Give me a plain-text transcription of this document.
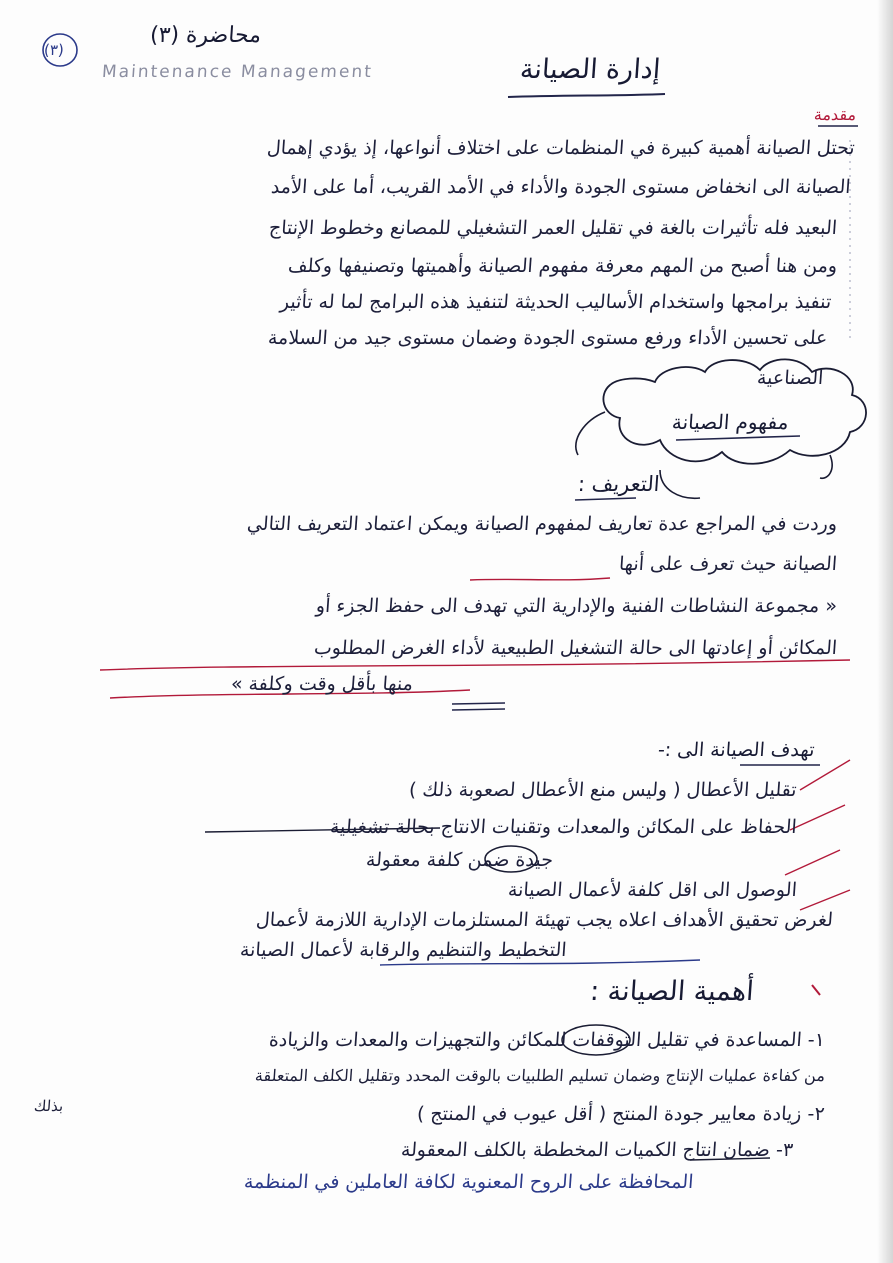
(٣)
محاضرة (٣)
Maintenance Management	إدارة الصيانة
مقدمة
تحتل الصيانة أهمية كبيرة في المنظمات على اختلاف أنواعها، إذ يؤدي إهمال
الصيانة الى انخفاض مستوى الجودة والأداء في الأمد القريب، أما على الأمد
البعيد فله تأثيرات بالغة في تقليل العمر التشغيلي للمصانع وخطوط الإنتاج
ومن هنا أصبح من المهم معرفة مفهوم الصيانة وأهميتها وتصنيفها وكلف
تنفيذ برامجها واستخدام الأساليب الحديثة لتنفيذ هذه البرامج لما له تأثير
على تحسين الأداء ورفع مستوى الجودة وضمان مستوى جيد من السلامة
الصناعية
مفهوم الصيانة
التعريف :
وردت في المراجع عدة تعاريف لمفهوم الصيانة ويمكن اعتماد التعريف التالي
الصيانة حيث تعرف على أنها
« مجموعة النشاطات الفنية والإدارية التي تهدف الى حفظ الجزء أو
المكائن أو إعادتها الى حالة التشغيل الطبيعية لأداء الغرض المطلوب
منها بأقل وقت وكلفة »
تهدف الصيانة الى :-
تقليل الأعطال ( وليس منع الأعطال لصعوبة ذلك )
الحفاظ على المكائن والمعدات وتقنيات الانتاج بحالة تشغيلية
جيدة ضمن كلفة معقولة
الوصول الى اقل كلفة لأعمال الصيانة
لغرض تحقيق الأهداف اعلاه يجب تهيئة المستلزمات الإدارية اللازمة لأعمال
التخطيط والتنظيم والرقابة لأعمال الصيانة
أهمية الصيانة :
١- المساعدة في تقليل التوقفات للمكائن والتجهيزات والمعدات والزيادة
من كفاءة عمليات الإنتاج وضمان تسليم الطلبيات بالوقت المحدد وتقليل الكلف المتعلقة
بذلك	٢- زيادة معايير جودة المنتج ( أقل عيوب في المنتج )
٣- ضمان انتاج الكميات المخططة بالكلف المعقولة
المحافظة على الروح المعنوية لكافة العاملين في المنظمة
